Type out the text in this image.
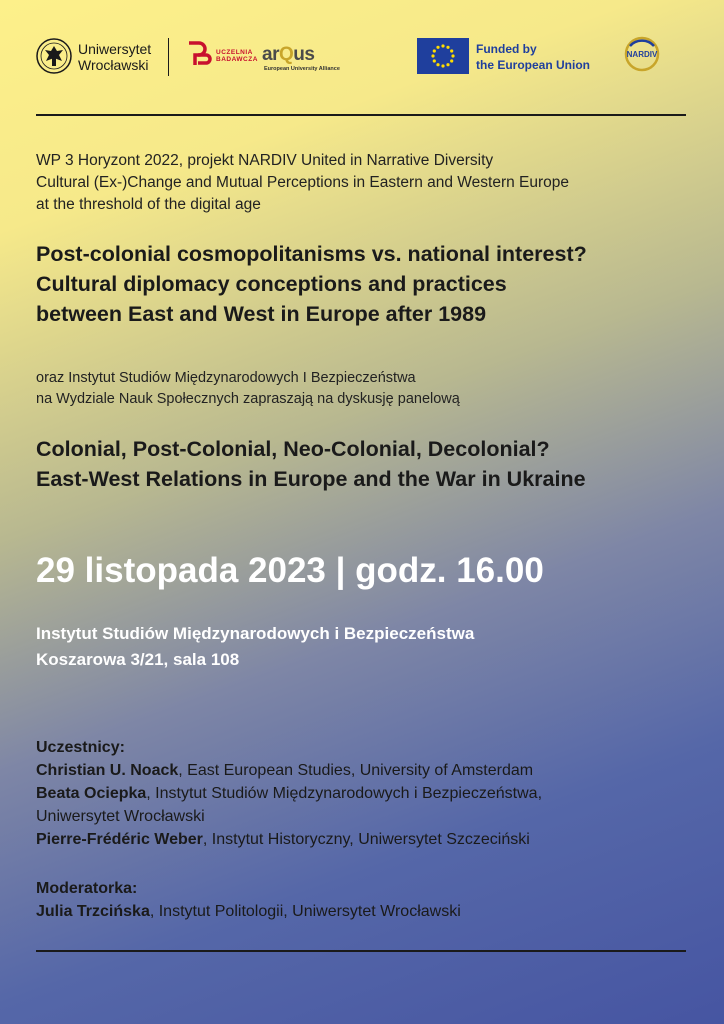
Uniwersytet
Wrocławski
UCZELNIA
BADAWCZA arQus
European University Alliance
Funded by
the European Union
NARDIV
WP 3 Horyzont 2022, projekt NARDIV United in Narrative Diversity
Cultural (Ex-)Change and Mutual Perceptions in Eastern and Western Europe
at the threshold of the digital age
Post-colonial cosmopolitanisms vs. national interest?
Cultural diplomacy conceptions and practices
between East and West in Europe after 1989
oraz Instytut Studiów Międzynarodowych I Bezpieczeństwa
na Wydziale Nauk Społecznych zapraszają na dyskusję panelową
Colonial, Post-Colonial, Neo-Colonial, Decolonial?
East-West Relations in Europe and the War in Ukraine
29 listopada 2023 | godz. 16.00
Instytut Studiów Międzynarodowych i Bezpieczeństwa
Koszarowa 3/21, sala 108
Uczestnicy:
Christian U. Noack, East European Studies, University of Amsterdam
Beata Ociepka, Instytut Studiów Międzynarodowych i Bezpieczeństwa,
Uniwersytet Wrocławski
Pierre-Frédéric Weber, Instytut Historyczny, Uniwersytet Szczeciński
Moderatorka:
Julia Trzcińska, Instytut Politologii, Uniwersytet Wrocławski
